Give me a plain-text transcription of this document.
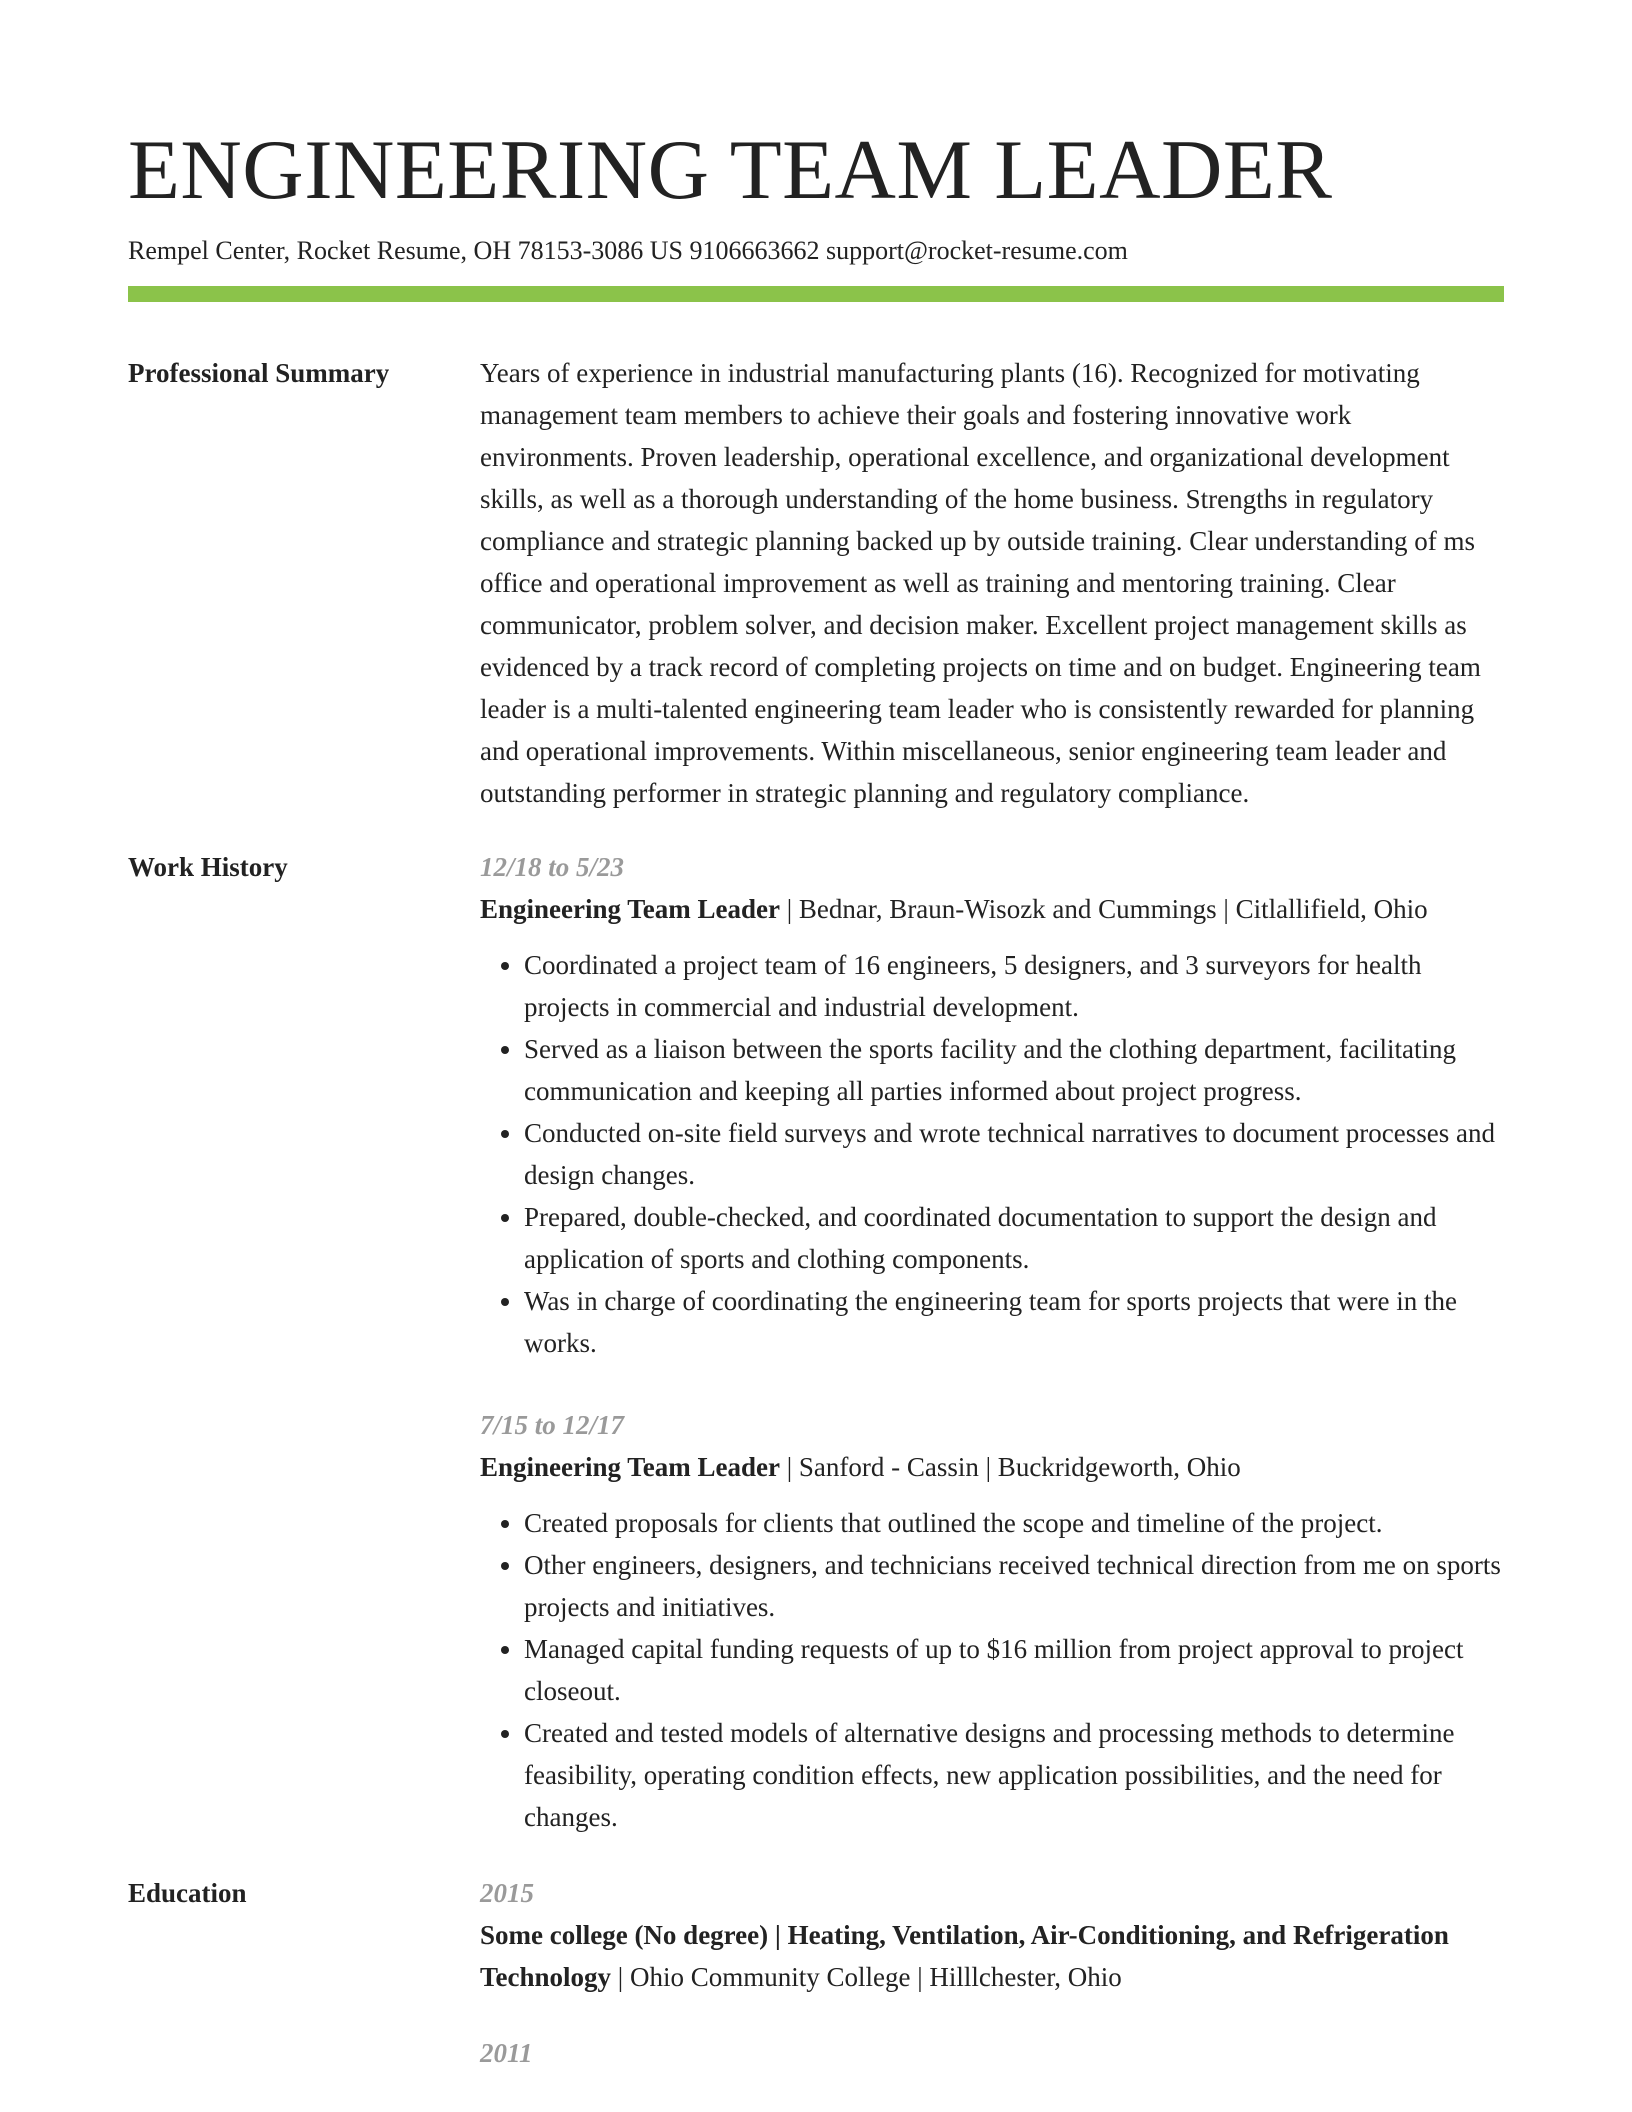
ENGINEERING TEAM LEADER
Rempel Center, Rocket Resume, OH 78153-3086 US 9106663662 support@rocket-resume.com
Professional Summary	Years of experience in industrial manufacturing plants (16). Recognized for motivating management team members to achieve their goals and fostering innovative work environments. Proven leadership, operational excellence, and organizational development skills, as well as a thorough understanding of the home business. Strengths in regulatory compliance and strategic planning backed up by outside training. Clear understanding of ms office and operational improvement as well as training and mentoring training. Clear communicator, problem solver, and decision maker. Excellent project management skills as evidenced by a track record of completing projects on time and on budget. Engineering team leader is a multi-talented engineering team leader who is consistently rewarded for planning and operational improvements. Within miscellaneous, senior engineering team leader and outstanding performer in strategic planning and regulatory compliance.
Work History	12/18 to 5/23
Engineering Team Leader | Bednar, Braun-Wisozk and Cummings | Citlallifield, Ohio
• Coordinated a project team of 16 engineers, 5 designers, and 3 surveyors for health projects in commercial and industrial development.
• Served as a liaison between the sports facility and the clothing department, facilitating communication and keeping all parties informed about project progress.
• Conducted on-site field surveys and wrote technical narratives to document processes and design changes.
• Prepared, double-checked, and coordinated documentation to support the design and application of sports and clothing components.
• Was in charge of coordinating the engineering team for sports projects that were in the works.
7/15 to 12/17
Engineering Team Leader | Sanford - Cassin | Buckridgeworth, Ohio
• Created proposals for clients that outlined the scope and timeline of the project.
• Other engineers, designers, and technicians received technical direction from me on sports projects and initiatives.
• Managed capital funding requests of up to $16 million from project approval to project closeout.
• Created and tested models of alternative designs and processing methods to determine feasibility, operating condition effects, new application possibilities, and the need for changes.
Education	2015
Some college (No degree) | Heating, Ventilation, Air-Conditioning, and Refrigeration Technology | Ohio Community College | Hilllchester, Ohio
2011
